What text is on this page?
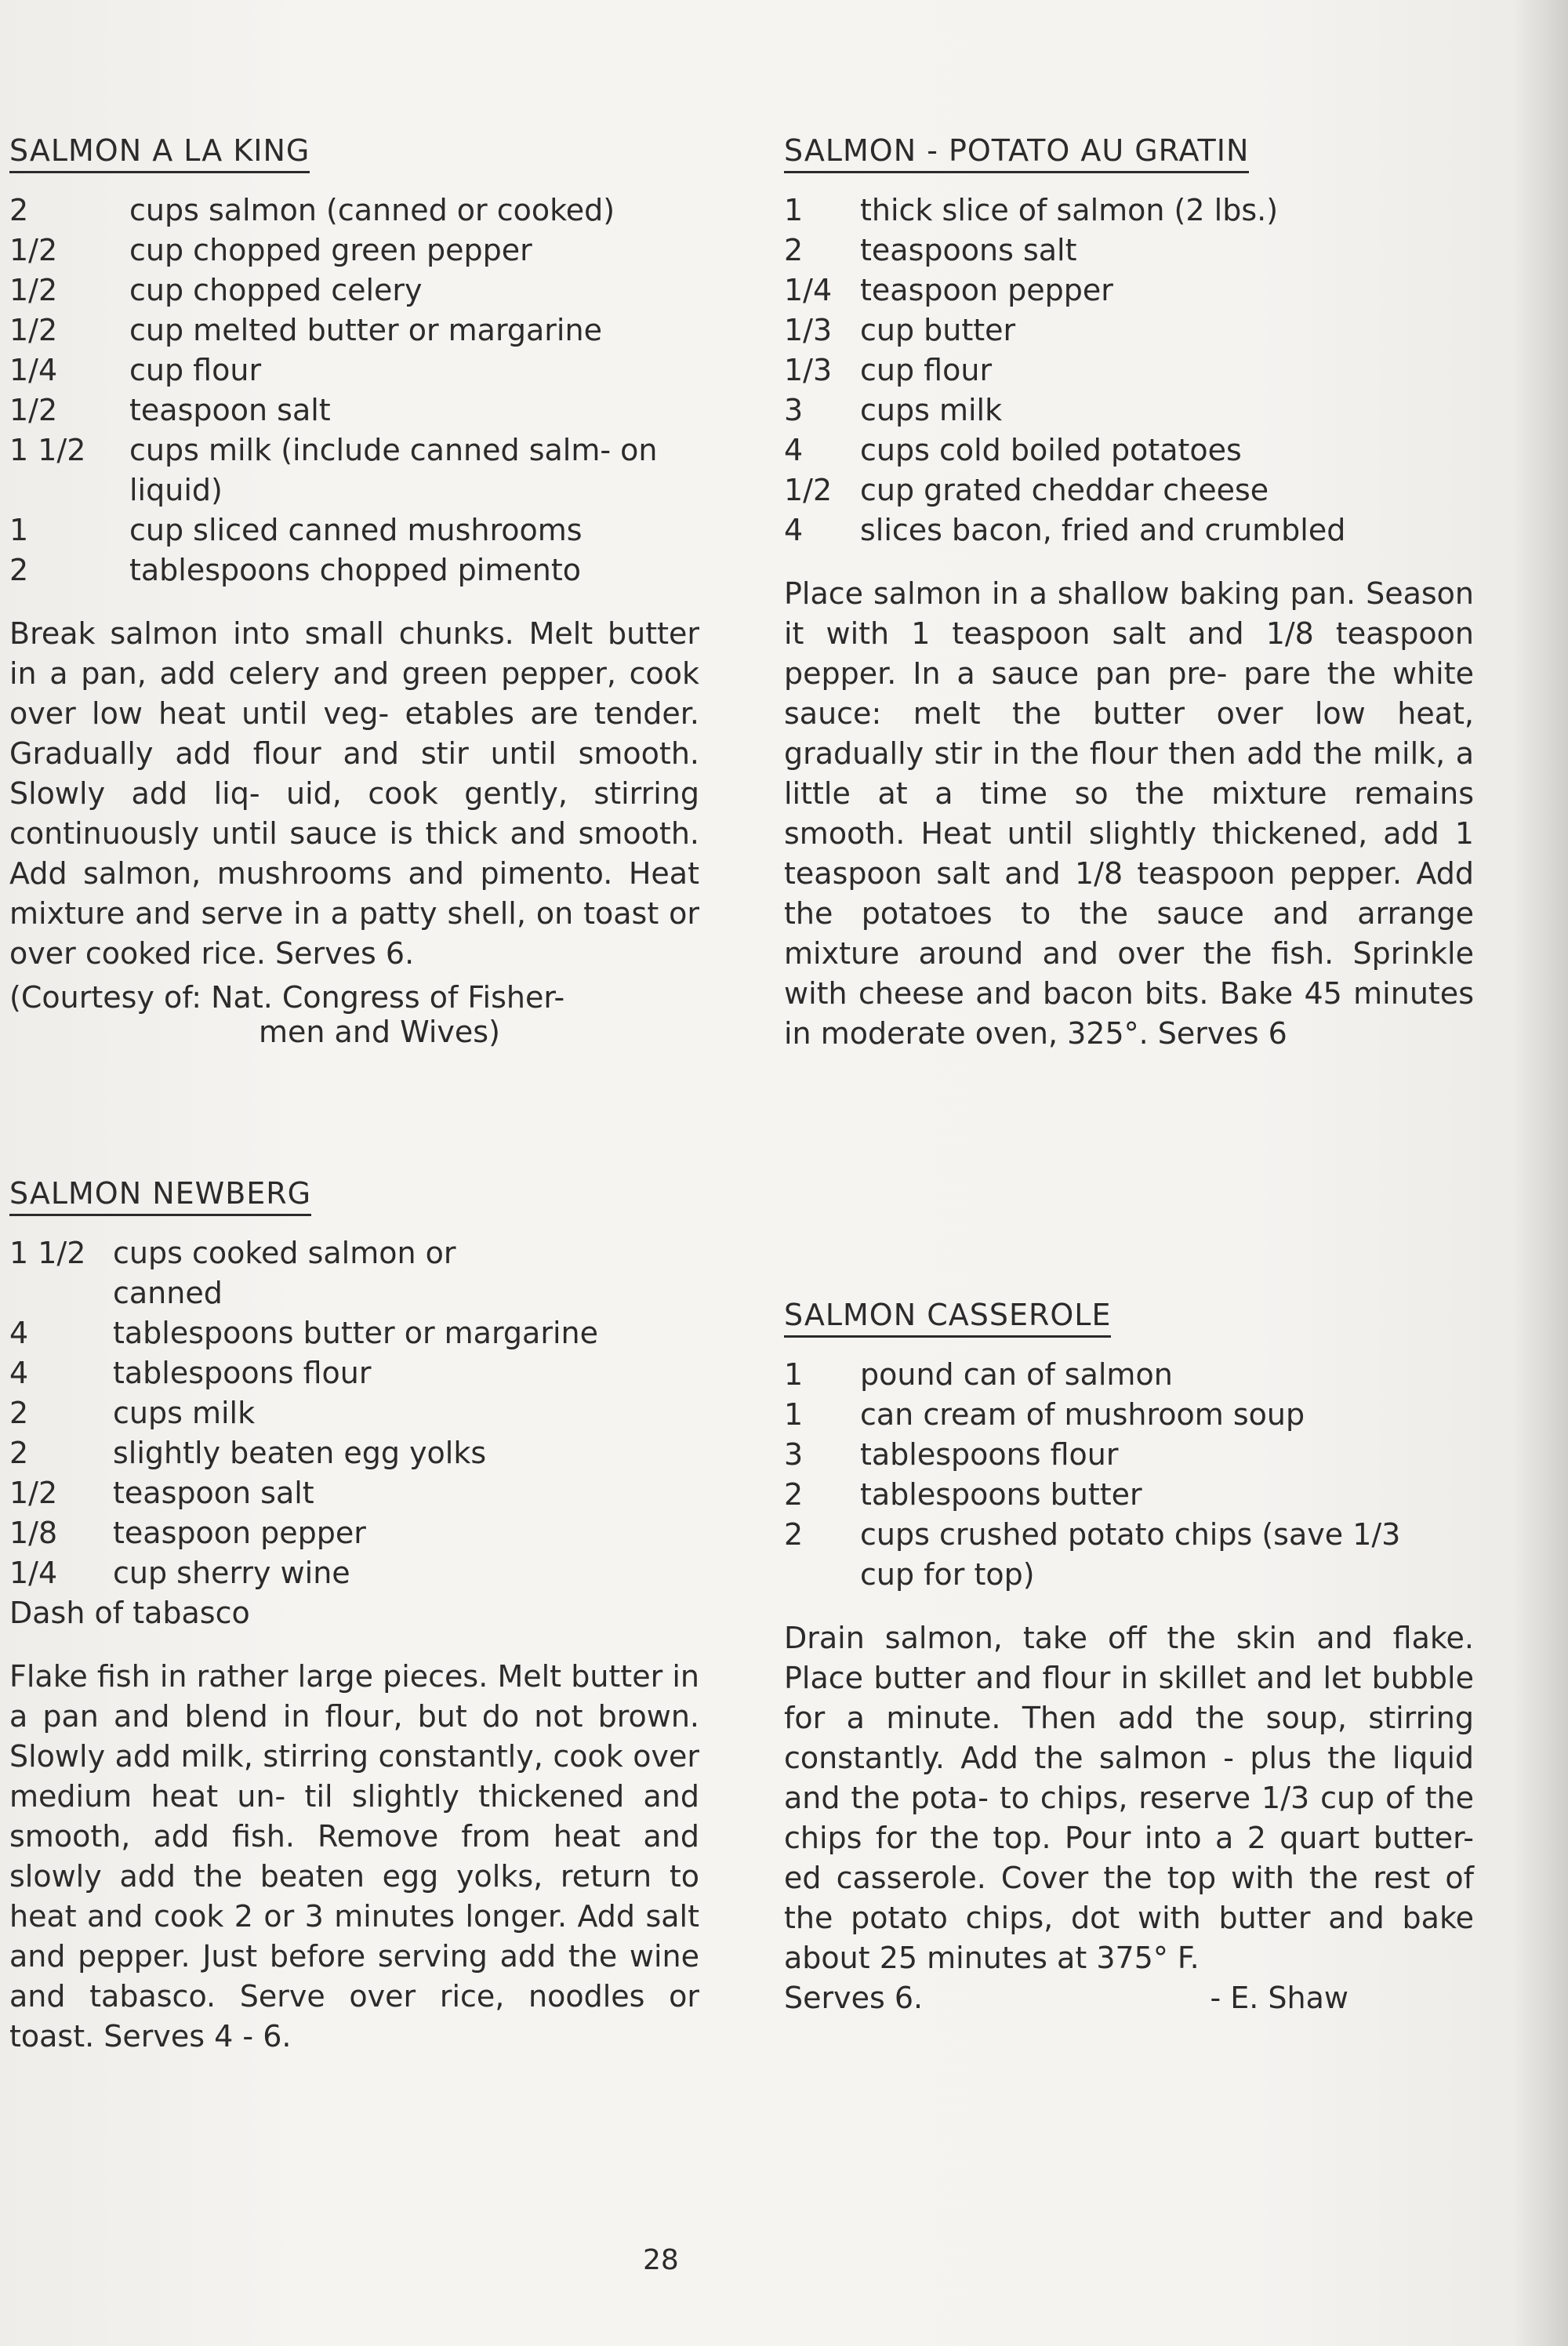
SALMON A LA KING
2	cups salmon (canned or cooked)
1/2	cup chopped green pepper
1/2	cup chopped celery
1/2	cup melted butter or margarine
1/4	cup flour
1/2	teaspoon salt
1 1/2	cups milk (include canned salm- on liquid)
1	cup sliced canned mushrooms
2	tablespoons chopped pimento
Break salmon into small chunks. Melt butter in a pan, add celery and green pepper, cook over low heat until veg- etables are tender. Gradually add flour and stir until smooth. Slowly add liq- uid, cook gently, stirring continuously until sauce is thick and smooth. Add salmon, mushrooms and pimento. Heat mixture and serve in a patty shell, on toast or over cooked rice. Serves 6.
(Courtesy of: Nat. Congress of Fisher-
men and Wives)
SALMON NEWBERG
1 1/2 cups cooked salmon or canned
4	tablespoons butter or margarine
4	tablespoons flour
2	cups milk
2	slightly beaten egg yolks
1/2	teaspoon salt
1/8	teaspoon pepper
1/4	cup sherry wine
Dash of tabasco
Flake fish in rather large pieces. Melt butter in a pan and blend in flour, but do not brown. Slowly add milk, stirring constantly, cook over medium heat un- til slightly thickened and smooth, add fish. Remove from heat and slowly add the beaten egg yolks, return to heat and cook 2 or 3 minutes longer. Add salt and pepper. Just before serving add the wine and tabasco. Serve over rice, noodles or toast. Serves 4 - 6.
SALMON - POTATO AU GRATIN
1	thick slice of salmon (2 lbs.)
2	teaspoons salt
1/4 teaspoon pepper
1/3 cup butter
1/3 cup flour
3	cups milk
4	cups cold boiled potatoes
1/2 cup grated cheddar cheese
4	slices bacon, fried and crumbled
Place salmon in a shallow baking pan. Season it with 1 teaspoon salt and 1/8 teaspoon pepper. In a sauce pan pre- pare the white sauce: melt the butter over low heat, gradually stir in the flour then add the milk, a little at a time so the mixture remains smooth. Heat until slightly thickened, add 1 teaspoon salt and 1/8 teaspoon pepper. Add the potatoes to the sauce and arrange mixture around and over the fish. Sprinkle with cheese and bacon bits. Bake 45 minutes in moderate oven, 325°. Serves 6
SALMON CASSEROLE
1	pound can of salmon
1	can cream of mushroom soup
3	tablespoons flour
2	tablespoons butter
2	cups crushed potato chips (save 1/3 cup for top)
Drain salmon, take off the skin and flake. Place butter and flour in skillet and let bubble for a minute. Then add the soup, stirring constantly. Add the salmon - plus the liquid and the pota- to chips, reserve 1/3 cup of the chips for the top. Pour into a 2 quart butter- ed casserole. Cover the top with the rest of the potato chips, dot with butter and bake about 25 minutes at 375° F.
Serves 6.	- E. Shaw
28
